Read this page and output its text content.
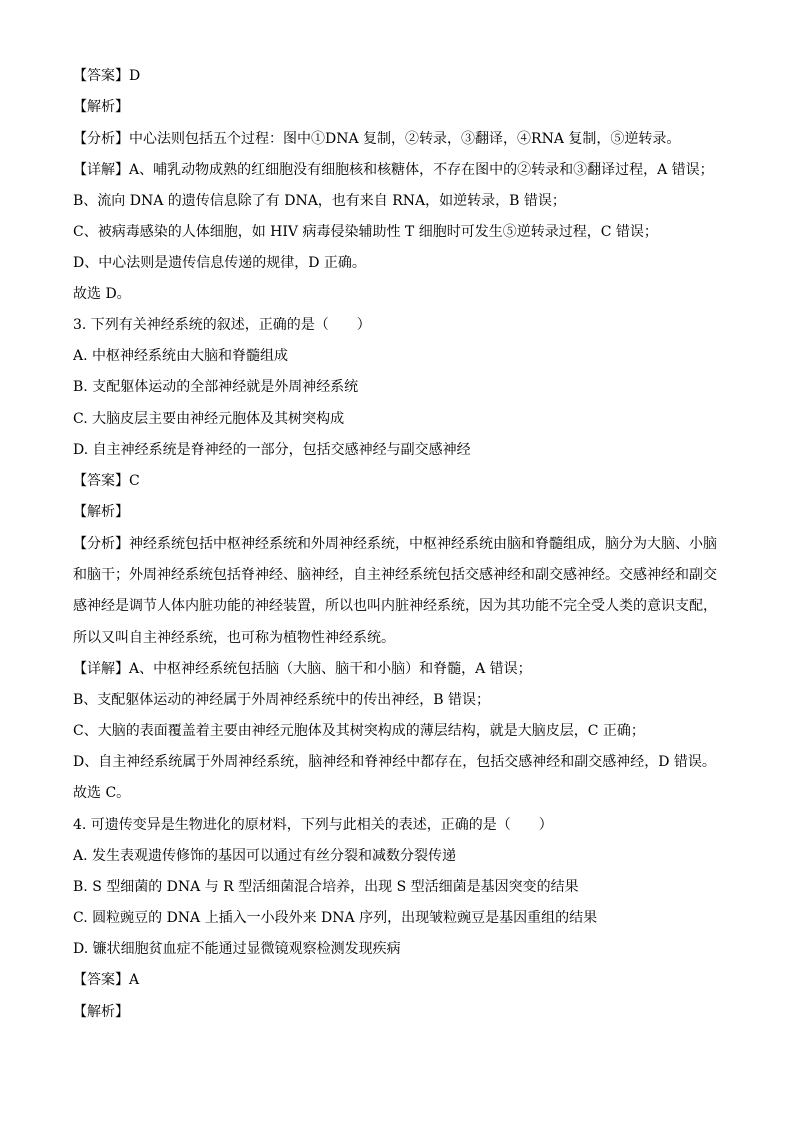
【答案】D
【解析】
【分析】中心法则包括五个过程：图中①DNA 复制，②转录，③翻译，④RNA 复制，⑤逆转录。
【详解】A、哺乳动物成熟的红细胞没有细胞核和核糖体，不存在图中的②转录和③翻译过程，A 错误；
B、流向 DNA 的遗传信息除了有 DNA，也有来自 RNA，如逆转录，B 错误；
C、被病毒感染的人体细胞，如 HIV 病毒侵染辅助性 T 细胞时可发生⑤逆转录过程，C 错误；
D、中心法则是遗传信息传递的规律，D 正确。
故选 D。
3. 下列有关神经系统的叙述，正确的是（　　）
A. 中枢神经系统由大脑和脊髓组成
B. 支配躯体运动的全部神经就是外周神经系统
C. 大脑皮层主要由神经元胞体及其树突构成
D. 自主神经系统是脊神经的一部分，包括交感神经与副交感神经
【答案】C
【解析】
【分析】神经系统包括中枢神经系统和外周神经系统，中枢神经系统由脑和脊髓组成，脑分为大脑、小脑
和脑干；外周神经系统包括脊神经、脑神经，自主神经系统包括交感神经和副交感神经。交感神经和副交
感神经是调节人体内脏功能的神经装置，所以也叫内脏神经系统，因为其功能不完全受人类的意识支配，
所以又叫自主神经系统，也可称为植物性神经系统。
【详解】A、中枢神经系统包括脑（大脑、脑干和小脑）和脊髓，A 错误；
B、支配躯体运动的神经属于外周神经系统中的传出神经，B 错误；
C、大脑的表面覆盖着主要由神经元胞体及其树突构成的薄层结构，就是大脑皮层，C 正确；
D、自主神经系统属于外周神经系统，脑神经和脊神经中都存在，包括交感神经和副交感神经，D 错误。
故选 C。
4. 可遗传变异是生物进化的原材料，下列与此相关的表述，正确的是（　　）
A. 发生表观遗传修饰的基因可以通过有丝分裂和减数分裂传递
B. S 型细菌的 DNA 与 R 型活细菌混合培养，出现 S 型活细菌是基因突变的结果
C. 圆粒豌豆的 DNA 上插入一小段外来 DNA 序列，出现皱粒豌豆是基因重组的结果
D. 镰状细胞贫血症不能通过显微镜观察检测发现疾病
【答案】A
【解析】
